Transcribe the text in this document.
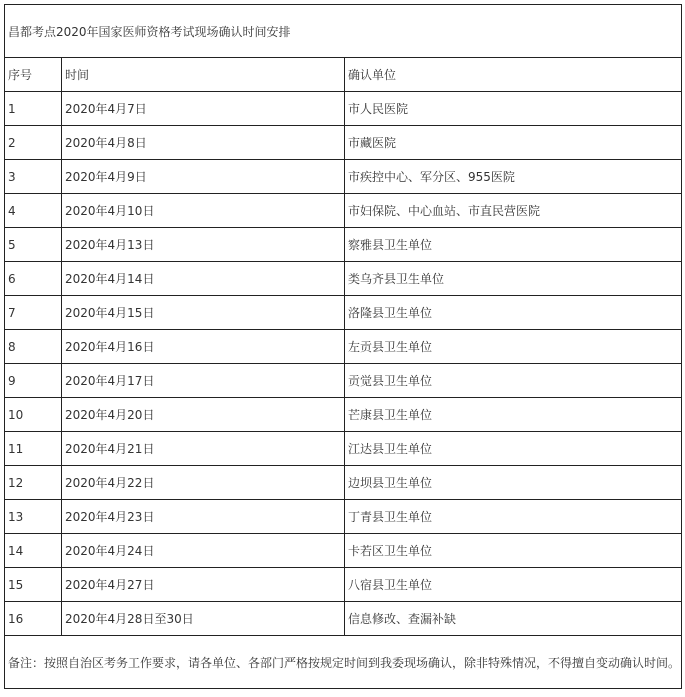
昌都考点2020年国家医师资格考试现场确认时间安排		
序号	时间	确认单位
1	2020年4月7日	市人民医院
2	2020年4月8日	市藏医院
3	2020年4月9日	市疾控中心、军分区、955医院
4	2020年4月10日	市妇保院、中心血站、市直民营医院
5	2020年4月13日	察雅县卫生单位
6	2020年4月14日	类乌齐县卫生单位
7	2020年4月15日	洛隆县卫生单位
8	2020年4月16日	左贡县卫生单位
9	2020年4月17日	贡觉县卫生单位
10	2020年4月20日	芒康县卫生单位
11	2020年4月21日	江达县卫生单位
12	2020年4月22日	边坝县卫生单位
13	2020年4月23日	丁青县卫生单位
14	2020年4月24日	卡若区卫生单位
15	2020年4月27日	八宿县卫生单位
16	2020年4月28日至30日	信息修改、查漏补缺
备注：按照自治区考务工作要求，请各单位、各部门严格按规定时间到我委现场确认，除非特殊情况，不得擅自变动确认时间。		
